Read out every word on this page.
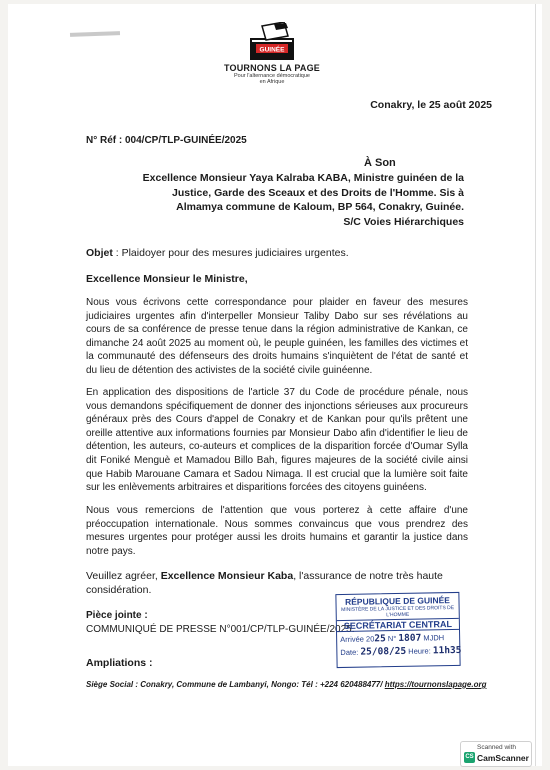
GUINÉE
TOURNONS LA PAGE
Pour l'alternance démocratique
en Afrique
Conakry, le 25 août 2025
N° Réf : 004/CP/TLP-GUINÉE/2025
À Son
Excellence Monsieur Yaya Kalraba KABA, Ministre guinéen de la
Justice, Garde des Sceaux et des Droits de l'Homme. Sis à
Almamya commune de Kaloum, BP 564, Conakry, Guinée.
S/C Voies Hiérarchiques
Objet : Plaidoyer pour des mesures judiciaires urgentes.
Excellence Monsieur le Ministre,
Nous vous écrivons cette correspondance pour plaider en faveur des mesures judiciaires urgentes afin d'interpeller Monsieur Taliby Dabo sur ses révélations au cours de sa conférence de presse tenue dans la région administrative de Kankan, ce dimanche 24 août 2025 au moment où, le peuple guinéen, les familles des victimes et la communauté des défenseurs des droits humains s'inquiètent de l'état de santé et du lieu de détention des activistes de la société civile guinéenne.
En application des dispositions de l'article 37 du Code de procédure pénale, nous vous demandons spécifiquement de donner des injonctions sérieuses aux procureurs généraux près des Cours d'appel de Conakry et de Kankan pour qu'ils prêtent une oreille attentive aux informations fournies par Monsieur Dabo afin d'identifier le lieu de détention, les auteurs, co-auteurs et complices de la disparition forcée d'Oumar Sylla dit Foniké Menguè et Mamadou Billo Bah, figures majeures de la société civile ainsi que Habib Marouane Camara et Sadou Nimaga. Il est crucial que la lumière soit faite sur les enlèvements arbitraires et disparitions forcées des citoyens guinéens.
Nous vous remercions de l'attention que vous porterez à cette affaire d'une préoccupation internationale. Nous sommes convaincus que vous prendrez des mesures urgentes pour protéger aussi les droits humains et garantir la justice dans notre pays.
Veuillez agréer, Excellence Monsieur Kaba, l'assurance de notre très haute considération.
Pièce jointe :
COMMUNIQUÉ DE PRESSE N°001/CP/TLP-GUINÉE/2025.
Ampliations :
Siège Social : Conakry, Commune de Lambanyi, Nongo: Tél : +224 620488477/ https://tournonslapage.org
RÉPUBLIQUE DE GUINÉE
MINISTÈRE DE LA JUSTICE ET DES DROITS DE L'HOMME
SECRÉTARIAT CENTRAL
Arrivée 2025 N° 1807 MJDH
Date: 25/08/25 Heure: 11h35
Scanned with
CS CamScanner
